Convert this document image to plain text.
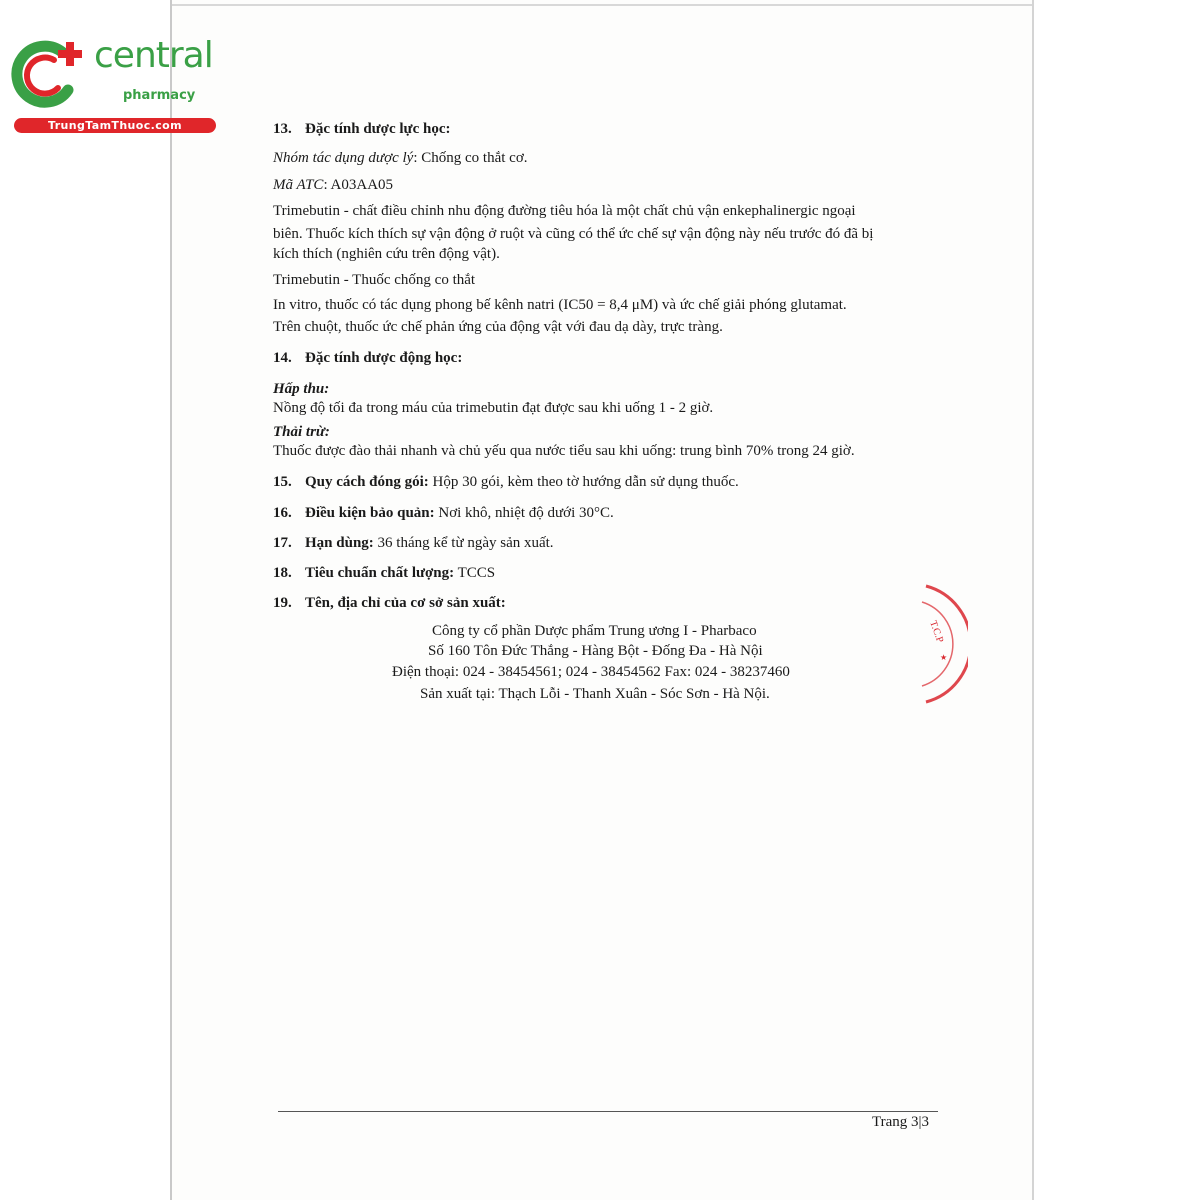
central
pharmacy
TrungTamThuoc.com	13. Đặc tính dược lực học:
Nhóm tác dụng dược lý: Chống co thắt cơ.
Mã ATC: A03AA05
Trimebutin - chất điều chỉnh nhu động đường tiêu hóa là một chất chủ vận enkephalinergic ngoại
biên. Thuốc kích thích sự vận động ở ruột và cũng có thể ức chế sự vận động này nếu trước đó đã bị
kích thích (nghiên cứu trên động vật).
Trimebutin - Thuốc chống co thắt
In vitro, thuốc có tác dụng phong bế kênh natri (IC50 = 8,4 μM) và ức chế giải phóng glutamat.
Trên chuột, thuốc ức chế phản ứng của động vật với đau dạ dày, trực tràng.
14. Đặc tính dược động học:
Hấp thu:
Nồng độ tối đa trong máu của trimebutin đạt được sau khi uống 1 - 2 giờ.
Thải trừ:
Thuốc được đào thải nhanh và chủ yếu qua nước tiểu sau khi uống: trung bình 70% trong 24 giờ.
15. Quy cách đóng gói: Hộp 30 gói, kèm theo tờ hướng dẫn sử dụng thuốc.
16. Điều kiện bảo quản: Nơi khô, nhiệt độ dưới 30°C.
17. Hạn dùng: 36 tháng kể từ ngày sản xuất.
18. Tiêu chuẩn chất lượng: TCCS
19. Tên, địa chỉ của cơ sở sản xuất:
Công ty cổ phần Dược phẩm Trung ương I - Pharbaco
Số 160 Tôn Đức Thắng - Hàng Bột - Đống Đa - Hà Nội
Điện thoại: 024 - 38454561; 024 - 38454562 Fax: 024 - 38237460
Sản xuất tại: Thạch Lỗi - Thanh Xuân - Sóc Sơn - Hà Nội.
T.C.P
★
Trang 3|3
